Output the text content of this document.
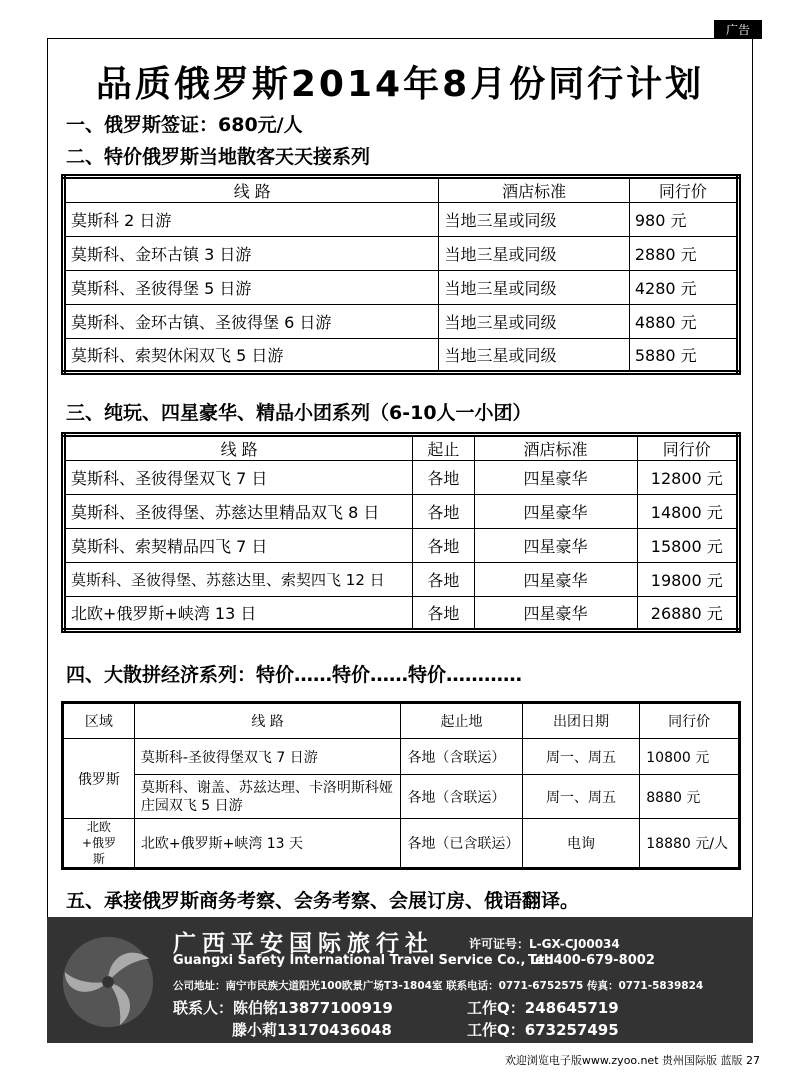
广告
品质俄罗斯2014年8月份同行计划
一、俄罗斯签证：680元/人
二、特价俄罗斯当地散客天天接系列
线 路	酒店标准	同行价
莫斯科 2 日游	当地三星或同级	980 元
莫斯科、金环古镇 3 日游	当地三星或同级	2880 元
莫斯科、圣彼得堡 5 日游	当地三星或同级	4280 元
莫斯科、金环古镇、圣彼得堡 6 日游	当地三星或同级	4880 元
莫斯科、索契休闲双飞 5 日游	当地三星或同级	5880 元
三、纯玩、四星豪华、精品小团系列（6-10人一小团）
线 路	起止	酒店标准	同行价
莫斯科、圣彼得堡双飞 7 日	各地	四星豪华	12800 元
莫斯科、圣彼得堡、苏慈达里精品双飞 8 日	各地	四星豪华	14800 元
莫斯科、索契精品四飞 7 日	各地	四星豪华	15800 元
莫斯科、圣彼得堡、苏慈达里、索契四飞 12 日	各地	四星豪华	19800 元
北欧+俄罗斯+峡湾 13 日	各地	四星豪华	26880 元
四、大散拼经济系列：特价……特价……特价…………
区域	线 路	起止地	出团日期	同行价
俄罗斯	莫斯科-圣彼得堡双飞 7 日游	各地（含联运）	周一、周五	10800 元
	莫斯科、谢盖、苏兹达理、卡洛明斯科娅庄园双飞 5 日游	各地（含联运）	周一、周五	8880 元
北欧+俄罗斯	北欧+俄罗斯+峡湾 13 天	各地（已含联运）	电询	18880 元/人
五、承接俄罗斯商务考察、会务考察、会展订房、俄语翻译。
广西平安国际旅行社	许可证号：L-GX-CJ00034
Guangxi Safety International Travel Service Co., Ltd
Tel:400-679-8002
公司地址：南宁市民族大道阳光100欧景广场T3-1804室 联系电话：0771-6752575 传真：0771-5839824
联系人：陈伯铭13877100919	工作Q：248645719
滕小莉13170436048	工作Q：673257495
欢迎浏览电子版www.zyoo.net 贵州国际版 蓝版 27
